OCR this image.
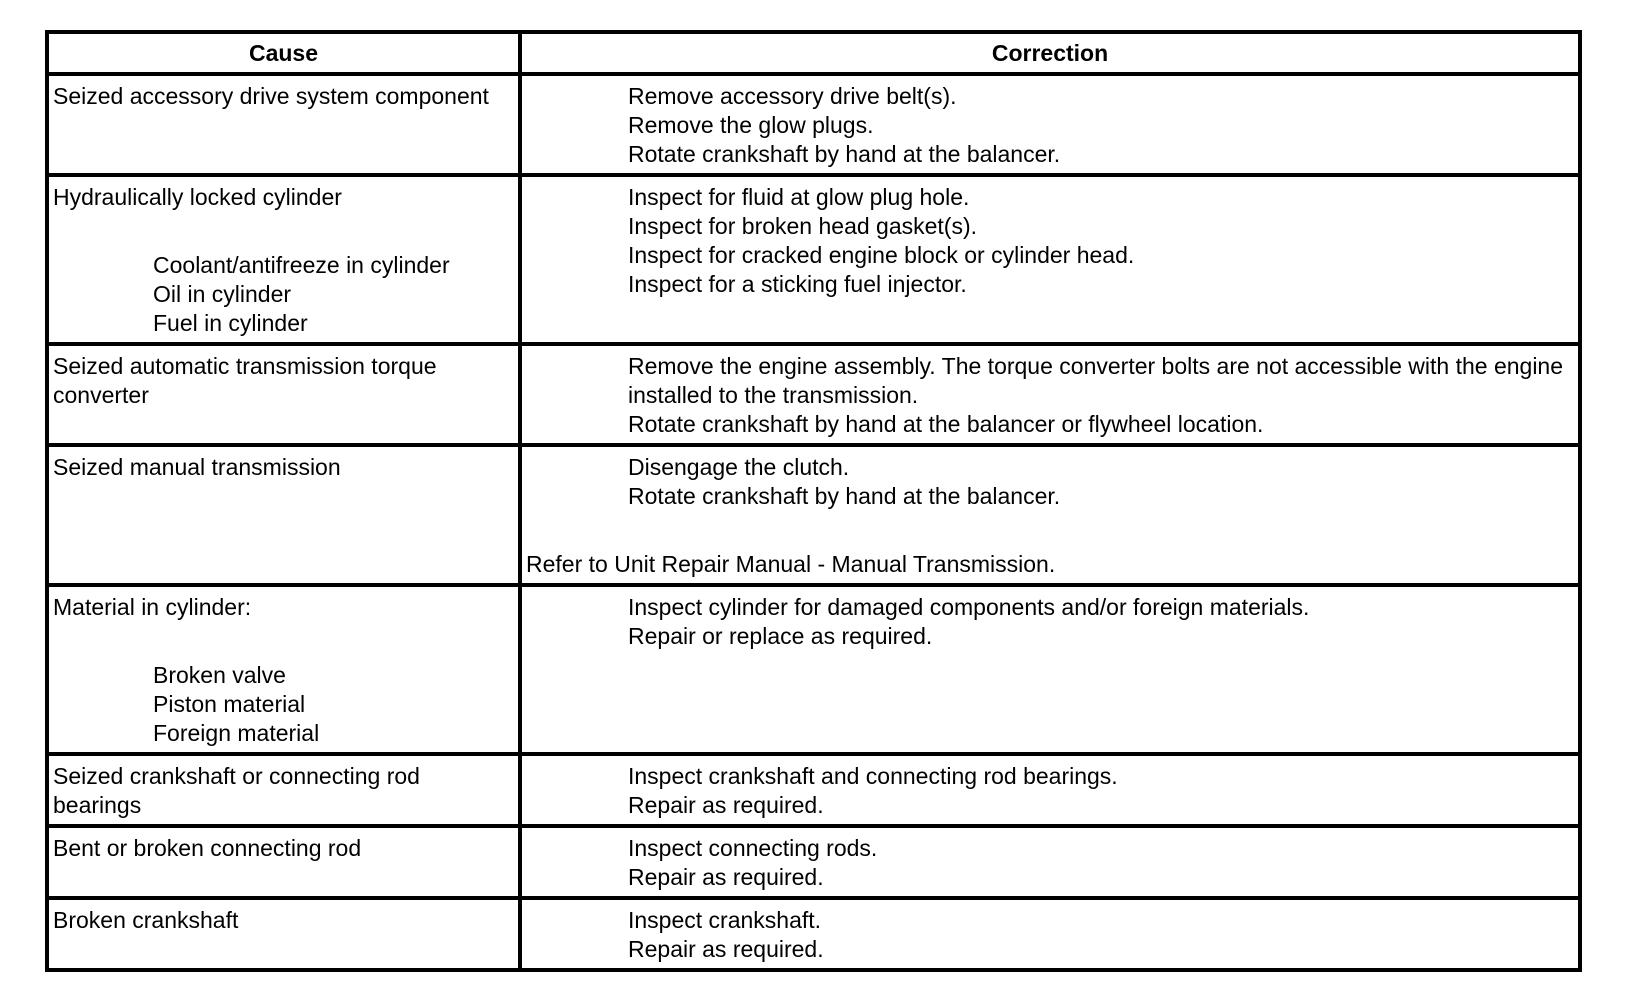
Cause	Correction

Seized accessory drive system component	Remove accessory drive belt(s).
Remove the glow plugs.
Rotate crankshaft by hand at the balancer.

Hydraulically locked cylinder
Coolant/antifreeze in cylinder
Oil in cylinder
Fuel in cylinder	Inspect for fluid at glow plug hole.
Inspect for broken head gasket(s).
Inspect for cracked engine block or cylinder head.
Inspect for a sticking fuel injector.

Seized automatic transmission torque converter	Remove the engine assembly. The torque converter bolts are not accessible with the engine installed to the transmission.
Rotate crankshaft by hand at the balancer or flywheel location.

Seized manual transmission	Disengage the clutch.
Rotate crankshaft by hand at the balancer.
Refer to Unit Repair Manual - Manual Transmission.

Material in cylinder:
Broken valve
Piston material
Foreign material	Inspect cylinder for damaged components and/or foreign materials.
Repair or replace as required.

Seized crankshaft or connecting rod bearings	Inspect crankshaft and connecting rod bearings.
Repair as required.

Bent or broken connecting rod	Inspect connecting rods.
Repair as required.

Broken crankshaft	Inspect crankshaft.
Repair as required.
